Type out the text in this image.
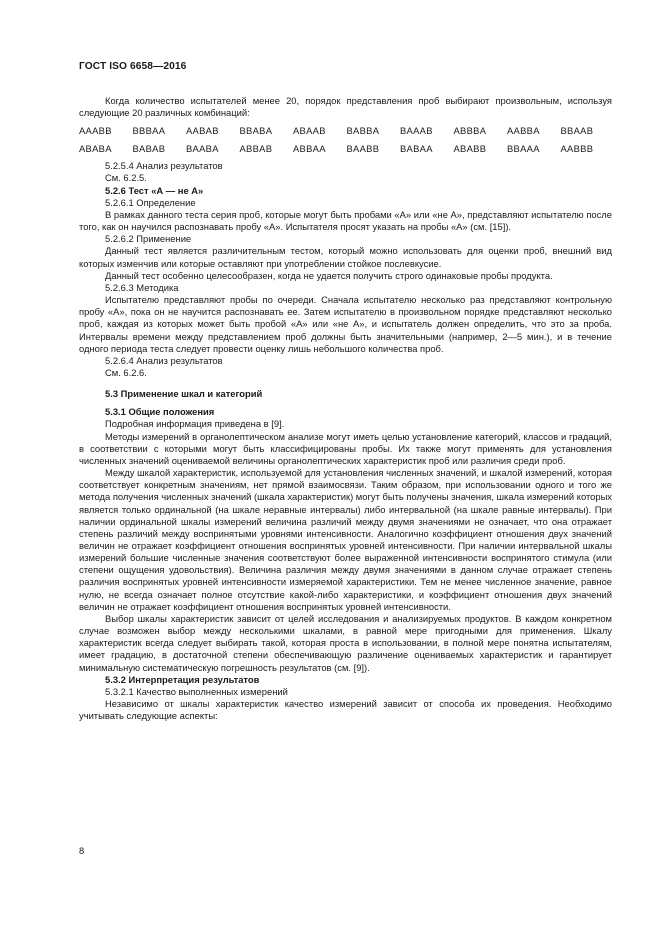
ГОСТ ISO 6658—2016

Когда количество испытателей менее 20, порядок представления проб выбирают произвольным, используя следующие 20 различных комбинаций:

AAABB	BBBAA	AABAB	BBABA	ABAAB	BABBA	BAAAB	ABBBA	AABBA	BBAAB
ABABA	BABAB	BAABA	ABBAB	ABBAA	BAABB	BABAA	ABABB	BBAAA	AABBB

5.2.5.4 Анализ результатов

См. 6.2.5.

5.2.6 Тест «А — не А»

5.2.6.1 Определение

В рамках данного теста серия проб, которые могут быть пробами «А» или «не А», представляют испытателю после того, как он научился распознавать пробу «А». Испытателя просят указать на пробы «А» (см. [15]).

5.2.6.2 Применение

Данный тест является различительным тестом, который можно использовать для оценки проб, внешний вид которых изменчив или которые оставляют при употреблении стойкое послевкусие.

Данный тест особенно целесообразен, когда не удается получить строго одинаковые пробы продукта.

5.2.6.3 Методика

Испытателю представляют пробы по очереди. Сначала испытателю несколько раз представляют контрольную пробу «А», пока он не научится распознавать ее. Затем испытателю в произвольном порядке представляют несколько проб, каждая из которых может быть пробой «А» или «не А», и испытатель должен определить, что это за проба. Интервалы времени между представлением проб должны быть значительными (например, 2—5 мин.), и в течение одного периода теста следует провести оценку лишь небольшого количества проб.

5.2.6.4 Анализ результатов

См. 6.2.6.

5.3 Применение шкал и категорий

5.3.1 Общие положения

Подробная информация приведена в [9].

Методы измерений в органолептическом анализе могут иметь целью установление категорий, классов и градаций, в соответствии с которыми могут быть классифицированы пробы. Их также могут применять для установления численных значений оцениваемой величины органолептических характеристик проб или различия среди проб.

Между шкалой характеристик, используемой для установления численных значений, и шкалой измерений, которая соответствует конкретным значениям, нет прямой взаимосвязи. Таким образом, при использовании одного и того же метода получения численных значений (шкала характеристик) могут быть получены значения, шкала измерений которых является только ординальной (на шкале неравные интервалы) либо интервальной (на шкале равные интервалы). При наличии ординальной шкалы измерений величина различий между двумя значениями не означает, что она отражает степень различий между воспринятыми уровнями интенсивности. Аналогично коэффициент отношения двух значений величин не отражает коэффициент отношения воспринятых уровней интенсивности. При наличии интервальной шкалы измерений большие численные значения соответствуют более выраженной интенсивности воспринятого стимула (или степени ощущения удовольствия). Величина различия между двумя значениями в данном случае отражает степень различия воспринятых уровней интенсивности измеряемой характеристики. Тем не менее численное значение, равное нулю, не всегда означает полное отсутствие какой-либо характеристики, и коэффициент отношения двух значений величин не отражает коэффициент отношения воспринятых уровней интенсивности.

Выбор шкалы характеристик зависит от целей исследования и анализируемых продуктов. В каждом конкретном случае возможен выбор между несколькими шкалами, в равной мере пригодными для применения. Шкалу характеристик всегда следует выбирать такой, которая проста в использовании, в полной мере понятна испытателям, имеет градацию, в достаточной степени обеспечивающую различение оцениваемых характеристик и гарантирует минимальную систематическую погрешность результатов (см. [9]).

5.3.2 Интерпретация результатов

5.3.2.1 Качество выполненных измерений

Независимо от шкалы характеристик качество измерений зависит от способа их проведения. Необходимо учитывать следующие аспекты:

8
